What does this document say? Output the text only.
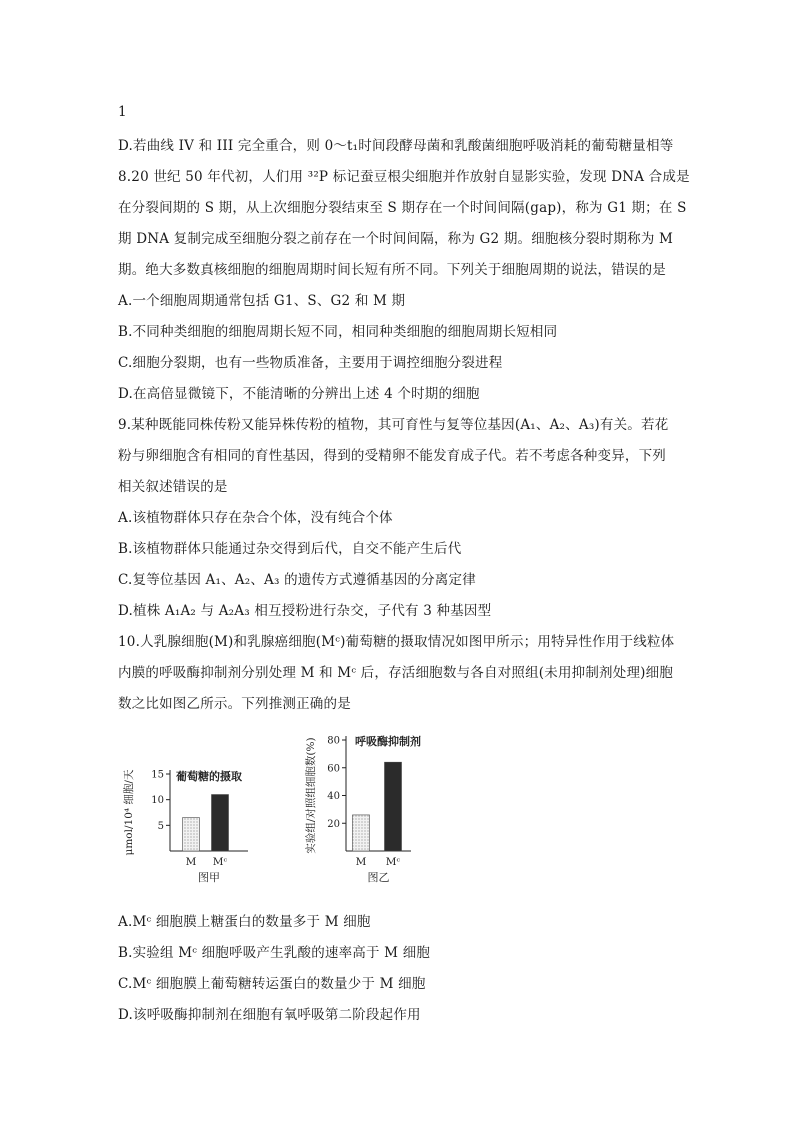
1
D.若曲线 IV 和 III 完全重合，则 0～t₁时间段酵母菌和乳酸菌细胞呼吸消耗的葡萄糖量相等
8.20 世纪 50 年代初，人们用 ³²P 标记蚕豆根尖细胞并作放射自显影实验，发现 DNA 合成是
在分裂间期的 S 期，从上次细胞分裂结束至 S 期存在一个时间间隔(gap)，称为 G1 期；在 S
期 DNA 复制完成至细胞分裂之前存在一个时间间隔，称为 G2 期。细胞核分裂时期称为 M
期。绝大多数真核细胞的细胞周期时间长短有所不同。下列关于细胞周期的说法，错误的是
A.一个细胞周期通常包括 G1、S、G2 和 M 期
B.不同种类细胞的细胞周期长短不同，相同种类细胞的细胞周期长短相同
C.细胞分裂期，也有一些物质准备，主要用于调控细胞分裂进程
D.在高倍显微镜下，不能清晰的分辨出上述 4 个时期的细胞
9.某种既能同株传粉又能异株传粉的植物，其可育性与复等位基因(A₁、A₂、A₃)有关。若花
粉与卵细胞含有相同的育性基因，得到的受精卵不能发育成子代。若不考虑各种变异，下列
相关叙述错误的是
A.该植物群体只存在杂合个体，没有纯合个体
B.该植物群体只能通过杂交得到后代，自交不能产生后代
C.复等位基因 A₁、A₂、A₃ 的遗传方式遵循基因的分离定律
D.植株 A₁A₂ 与 A₂A₃ 相互授粉进行杂交，子代有 3 种基因型
10.人乳腺细胞(M)和乳腺癌细胞(Mᶜ)葡萄糖的摄取情况如图甲所示；用特异性作用于线粒体
内膜的呼吸酶抑制剂分别处理 M 和 Mᶜ 后，存活细胞数与各自对照组(未用抑制剂处理)细胞
数之比如图乙所示。下列推测正确的是
5
10
15
M Mᶜ
葡萄糖的摄取
μmol/10⁴ 细胞/天
图甲
20
40
60
80
M Mᶜ
呼吸酶抑制剂
实验组/对照组细胞数(%)
图乙
A.Mᶜ 细胞膜上糖蛋白的数量多于 M 细胞
B.实验组 Mᶜ 细胞呼吸产生乳酸的速率高于 M 细胞
C.Mᶜ 细胞膜上葡萄糖转运蛋白的数量少于 M 细胞
D.该呼吸酶抑制剂在细胞有氧呼吸第二阶段起作用
